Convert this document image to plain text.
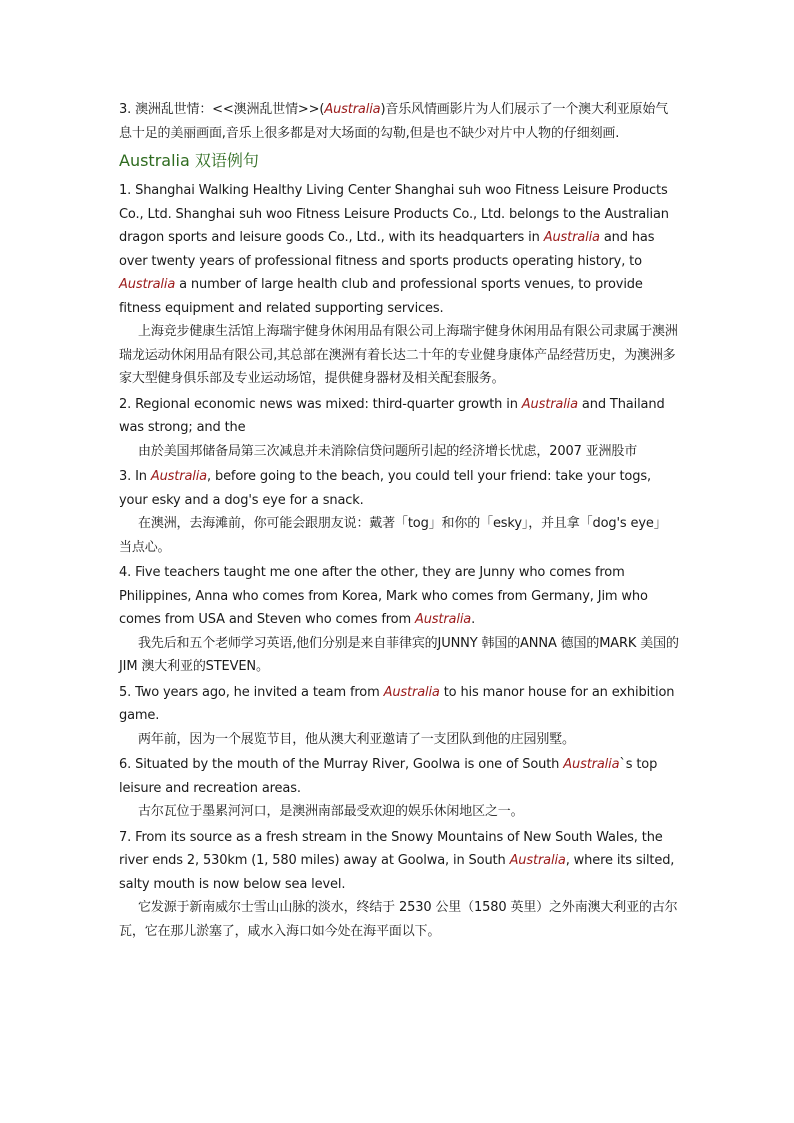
3. 澳洲乱世情：<<澳洲乱世情>>(Australia)音乐风情画影片为人们展示了一个澳大利亚原始气息十足的美丽画面,音乐上很多都是对大场面的勾勒,但是也不缺少对片中人物的仔细刻画.

Australia 双语例句

1. Shanghai Walking Healthy Living Center Shanghai suh woo Fitness Leisure Products Co., Ltd. Shanghai suh woo Fitness Leisure Products Co., Ltd. belongs to the Australian dragon sports and leisure goods Co., Ltd., with its headquarters in Australia and has over twenty years of professional fitness and sports products operating history, to Australia a number of large health club and professional sports venues, to provide fitness equipment and related supporting services.

上海竞步健康生活馆上海瑞宇健身休闲用品有限公司上海瑞宇健身休闲用品有限公司隶属于澳洲瑞龙运动休闲用品有限公司,其总部在澳洲有着长达二十年的专业健身康体产品经营历史，为澳洲多家大型健身俱乐部及专业运动场馆，提供健身器材及相关配套服务。

2. Regional economic news was mixed: third-quarter growth in Australia and Thailand was strong; and the

由於美国邦储备局第三次减息并未消除信贷问题所引起的经济增长忧虑，2007 亚洲股市

3. In Australia, before going to the beach, you could tell your friend: take your togs, your esky and a dog's eye for a snack.

在澳洲，去海滩前，你可能会跟朋友说：戴著「tog」和你的「esky」，并且拿「dog's eye」当点心。

4. Five teachers taught me one after the other, they are Junny who comes from Philippines, Anna who comes from Korea, Mark who comes from Germany, Jim who comes from USA and Steven who comes from Australia.

我先后和五个老师学习英语,他们分别是来自菲律宾的JUNNY 韩国的ANNA 德国的MARK 美国的 JIM 澳大利亚的STEVEN。

5. Two years ago, he invited a team from Australia to his manor house for an exhibition game.

两年前，因为一个展览节目，他从澳大利亚邀请了一支团队到他的庄园别墅。

6. Situated by the mouth of the Murray River, Goolwa is one of South Australia`s top leisure and recreation areas.

古尔瓦位于墨累河河口，是澳洲南部最受欢迎的娱乐休闲地区之一。

7. From its source as a fresh stream in the Snowy Mountains of New South Wales, the river ends 2, 530km (1, 580 miles) away at Goolwa, in South Australia, where its silted, salty mouth is now below sea level.

它发源于新南威尔士雪山山脉的淡水，终结于 2530 公里（1580 英里）之外南澳大利亚的古尔瓦，它在那儿淤塞了，咸水入海口如今处在海平面以下。
